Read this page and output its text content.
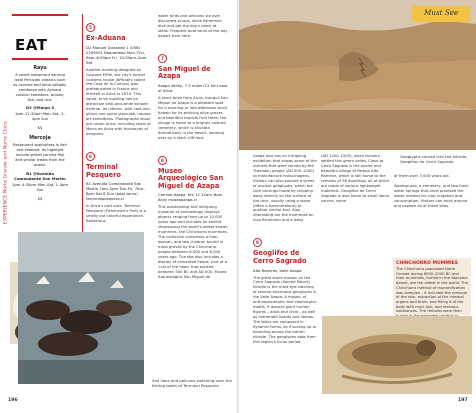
EXPERIENCE Norte Grande and Norte Chico
EAT
Rayu
A smart restaurant serving local Peruvian classics such as ceviche and lomo saltado, combined with Aymara cuisine: tomatoes, onions, fish, and rice.
D2 @Maipú 5
1pm–11:30pm Mon–Sat, 1–4pm Sun
$$
Mercoja
Restaurant specializes in fish and seafood; its highlight include grilled corvina fish and similar treats from the ocean.
B1 @Avenida Comandante San Martín
1pm–4:30pm Mon–Sat, 1–4pm Sun
$$
5
Ex-Aduana
D2 Manuel Gonzalez 1 (058) 2209001 Baquedano Mon–Thu, 9am–6:30pm Fri, 10:30am–2pm Sat
Another building designed by Gustave Eiffel, the city's former customs house (officially called the Casa de la Cultura) was prefabricated in France and erected in Arica in 1874. This squat, brick building has an attractive pink-and-white striped exterior. Its interior, with cast-iron pillars and spiral staircase, houses art exhibitions. Photographs show pre-urban Arica, including shots of Morro de Arica with thousands of penguins.
6
Terminal Pesquero
B1 Avenida Comandante San Martín 7am–5pm Tue–Fri, 7am–8pm Sat 8 Sun (boat tours) terminalpesquero.cl
In Arica's port area, Terminal Pesquero (Fisherman's Port) is a smelly but colorful experience. Boisterous
water birds and pelicans vie over discarded scraps, while fishermen dive and get the day's catch at stalls. Frequent boat tours of the bay depart from here.
7
San Miguel de Azapa
Azapa Valley, 7.5 miles (12 km) east of Arica
A short drive from Arica, tranquil San Miguel de Azapa is a pleasant spot for a morning or late-afternoon stroll. Known for its enticing olive groves and beautiful tropical fruit trees, the village is home to a brightly colored cemetery, which is situated dramatically in the desert, looming over by a stark cliff face.
8
Museo Arqueológico San Miguel de Azapa
Camino Azapa, Km 12 10am–6pm daily museoazapa.cl
This outstanding and intriguing museum of archaeology displays objects ranging from up to 10,000 years ago and includes an exhibit showcasing the world's oldest known mummies, the Chinchorro mummies. The collection comprises a man, woman, and two children buried in mass graves by the Chinchorro people between 6,000 and 8,000 years ago. The site also includes a display of cemented heads, part of a 'cult of the head' that existed between 500 BC and AD 500. Museo Arqueológico San Miguel de
Sea lions and pelicans watching over the fishing boats of Terminal Pesquero
196
Must See
Azapa also has an intriguing exhibition that shows some of the utensils that were carved by the Tiwanaku people (AD 500–1000) to manufacture hallucinogens. Visitors can also explore a series of ancient geoglyphs, which are rock carvings made by chipping away directly on the surface of the rock, usually using a stone (often a hammerstone) or another similar tool. Also interesting are the mummies on Inca fishermen and a baby.
9
Geoglifos de Cerro Sagrado
Alto Ramírez, Valle Azapa
The great stone mosaic on the Cerro Sagrado (Sacred Mount) hillside is the most eye-catching of several enormous geoglyphs in the Valle Azapa. A mosaic of anthropomorphic and zoomorphic motifs, it depicts giant human figures – adult and child – as well as mammoth lizards and llamas. The latter are composed in dynamic forms, as if scaling up or bounding across the barren hillside. The geoglyphs date from this region's Incan period
(AD 1450–1500), when farmers settled this green valley. Close to Cerro Sagrado is the quaint and beautiful village of Pampa Alto Ramírez, which is still home to the remains of 38 dwellings, all of which are made of various lightweight materials. Geoglifos de Cerro Sagrado is also home to small llama corrals, some
Geoglyphs carved into the hillside, Geoglifos de Cerro Sagrado
of them over 3,000 years old.

Warehouses, a cemetery, and two fresh water springs that once provided the water needed for crop irrigation and consumption. Visitors can stroll around and explore all of these sites.
CHINCHORRO MUMMIES
The Chinchorro populated Norte Grande during 6000–2000 BC and their mummies, buried in the Atacama desert, are the oldest in the world. The Chinchorro method of mummification was complex – it included the removal of the skin, extraction of the internal organs and brain, and filling it of the body with mud, ash, and resinous substances. The remains were then
197
